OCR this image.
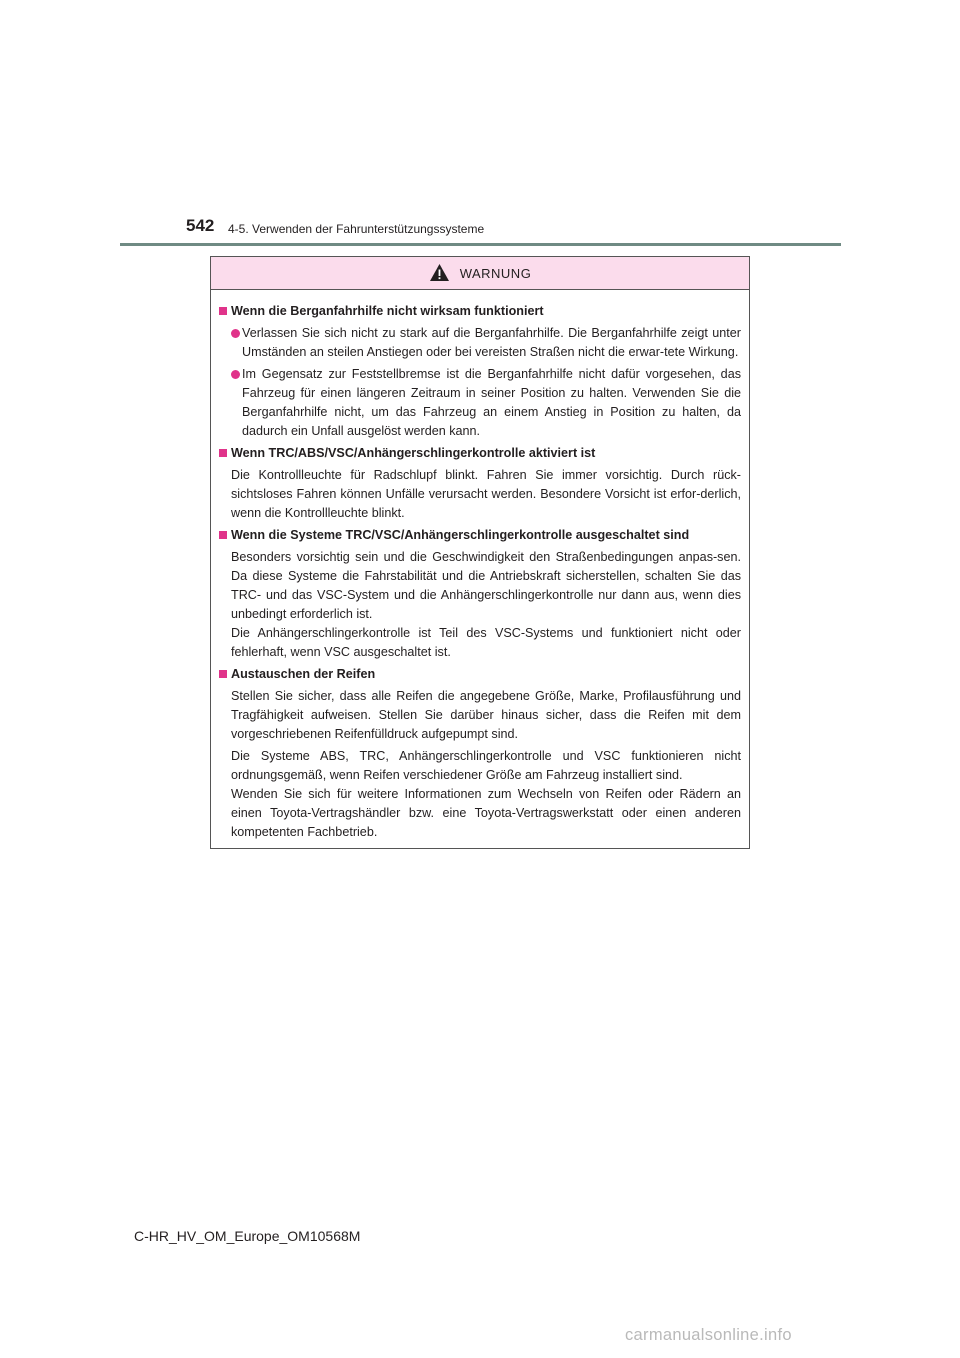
542 4-5. Verwenden der Fahrunterstützungssysteme
WARNUNG
Wenn die Berganfahrhilfe nicht wirksam funktioniert
Verlassen Sie sich nicht zu stark auf die Berganfahrhilfe. Die Berganfahrhilfe zeigt unter Umständen an steilen Anstiegen oder bei vereisten Straßen nicht die erwar-tete Wirkung.
Im Gegensatz zur Feststellbremse ist die Berganfahrhilfe nicht dafür vorgesehen, das Fahrzeug für einen längeren Zeitraum in seiner Position zu halten. Verwenden Sie die Berganfahrhilfe nicht, um das Fahrzeug an einem Anstieg in Position zu halten, da dadurch ein Unfall ausgelöst werden kann.
Wenn TRC/ABS/VSC/Anhängerschlingerkontrolle aktiviert ist
Die Kontrollleuchte für Radschlupf blinkt. Fahren Sie immer vorsichtig. Durch rück-sichtsloses Fahren können Unfälle verursacht werden. Besondere Vorsicht ist erfor-derlich, wenn die Kontrollleuchte blinkt.
Wenn die Systeme TRC/VSC/Anhängerschlingerkontrolle ausgeschaltet sind
Besonders vorsichtig sein und die Geschwindigkeit den Straßenbedingungen anpas-sen. Da diese Systeme die Fahrstabilität und die Antriebskraft sicherstellen, schalten Sie das TRC- und das VSC-System und die Anhängerschlingerkontrolle nur dann aus, wenn dies unbedingt erforderlich ist.
Die Anhängerschlingerkontrolle ist Teil des VSC-Systems und funktioniert nicht oder fehlerhaft, wenn VSC ausgeschaltet ist.
Austauschen der Reifen
Stellen Sie sicher, dass alle Reifen die angegebene Größe, Marke, Profilausführung und Tragfähigkeit aufweisen. Stellen Sie darüber hinaus sicher, dass die Reifen mit dem vorgeschriebenen Reifenfülldruck aufgepumpt sind.
Die Systeme ABS, TRC, Anhängerschlingerkontrolle und VSC funktionieren nicht ordnungsgemäß, wenn Reifen verschiedener Größe am Fahrzeug installiert sind.
Wenden Sie sich für weitere Informationen zum Wechseln von Reifen oder Rädern an einen Toyota-Vertragshändler bzw. eine Toyota-Vertragswerkstatt oder einen anderen kompetenten Fachbetrieb.
C-HR_HV_OM_Europe_OM10568M
carmanualsonline.info
